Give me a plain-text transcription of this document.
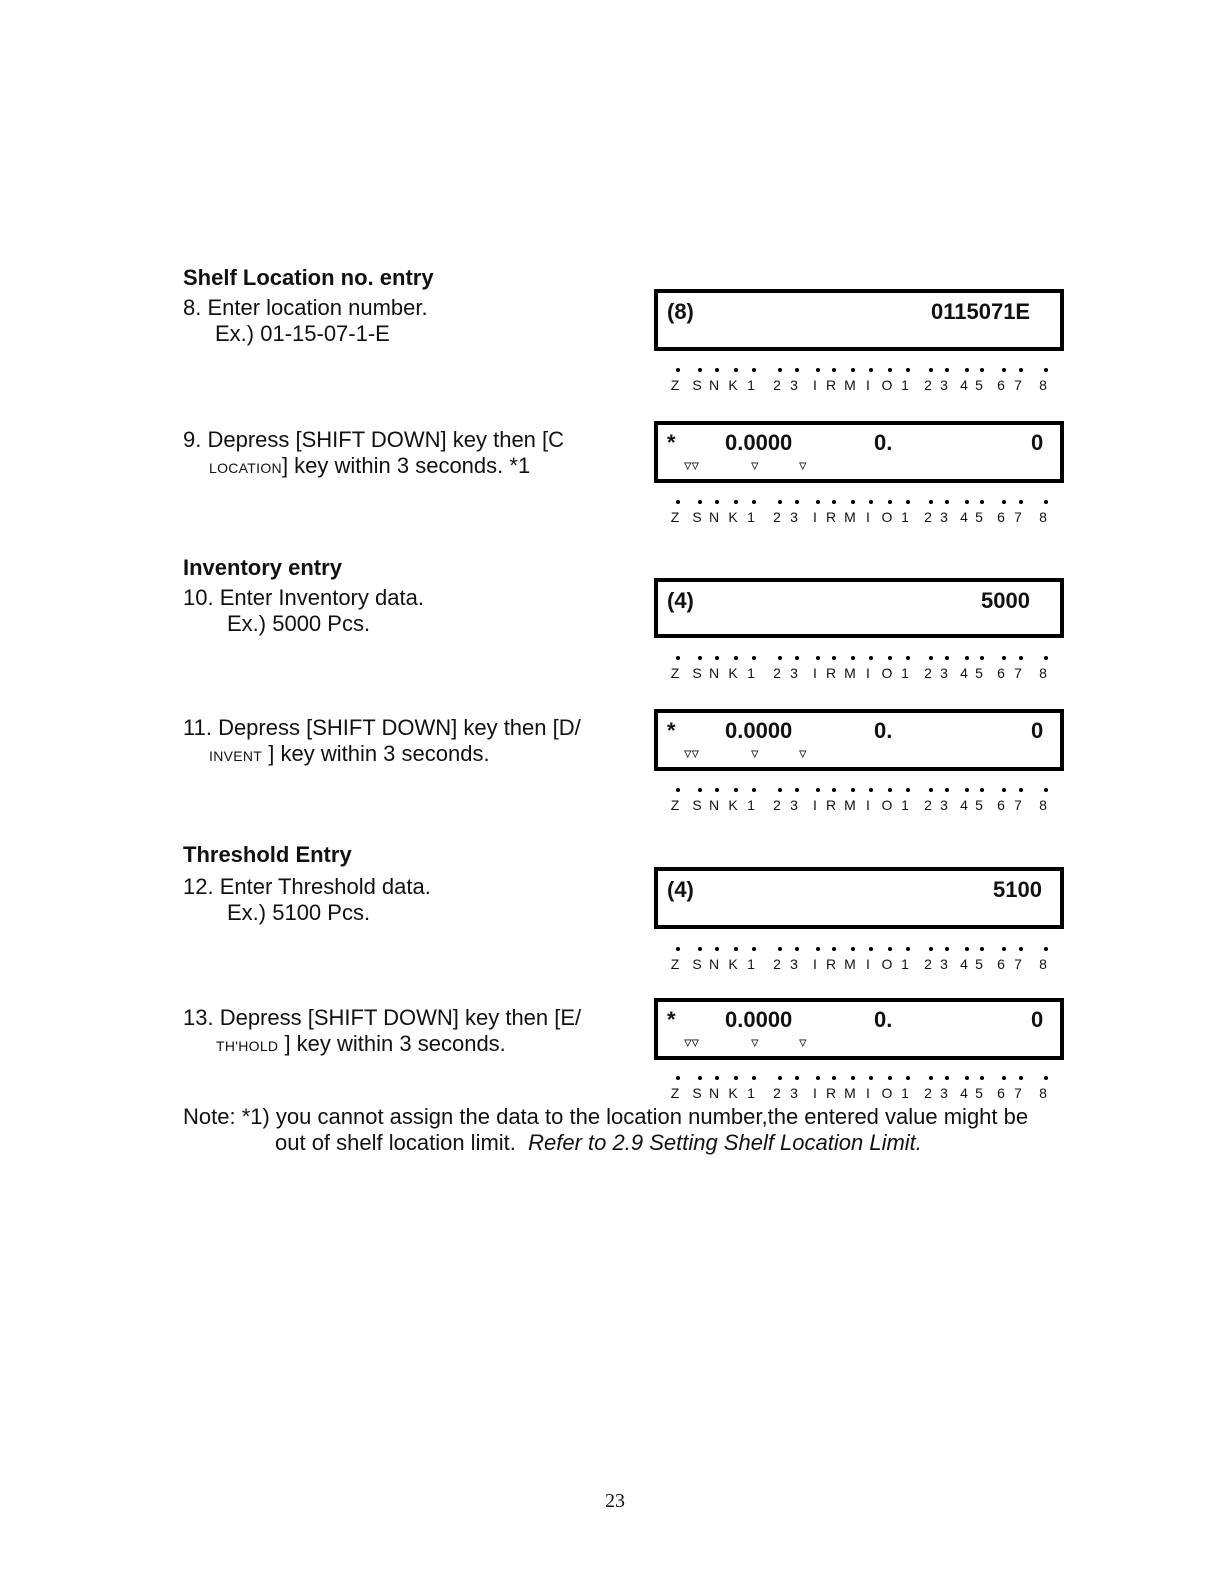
Shelf Location no. entry
8. Enter location number.
Ex.) 01-15-07-1-E
(8)	0115071E
Z S N K 1 2 3	I R M I O 1 2 3 4 5 6 7 8
9. Depress [SHIFT DOWN] key then [C
LOCATION] key within 3 seconds. *1
* 0.0000	0.	0
▿▿	▿	▿
Z S N K 1 2 3	I R M I O 1 2 3 4 5 6 7 8
Inventory entry
10. Enter Inventory data.
Ex.) 5000 Pcs.
(4)	5000
Z S N K 1 2 3	I R M I O 1 2 3 4 5 6 7 8
11. Depress [SHIFT DOWN] key then [D/
INVENT ] key within 3 seconds.
* 0.0000	0.	0
▿▿	▿	▿
Z S N K 1 2 3	I R M I O 1 2 3 4 5 6 7 8
Threshold Entry
12. Enter Threshold data.
Ex.) 5100 Pcs.
(4)	5100
Z S N K 1 2 3	I R M I O 1 2 3 4 5 6 7 8
13. Depress [SHIFT DOWN] key then [E/
TH'HOLD ] key within 3 seconds.
* 0.0000	0.	0
▿▿	▿	▿
Z S N K 1 2 3	I R M I O 1 2 3 4 5 6 7 8
Note: *1) you cannot assign the data to the location number,the entered value might be
out of shelf location limit.  Refer to 2.9 Setting Shelf Location Limit.
23
